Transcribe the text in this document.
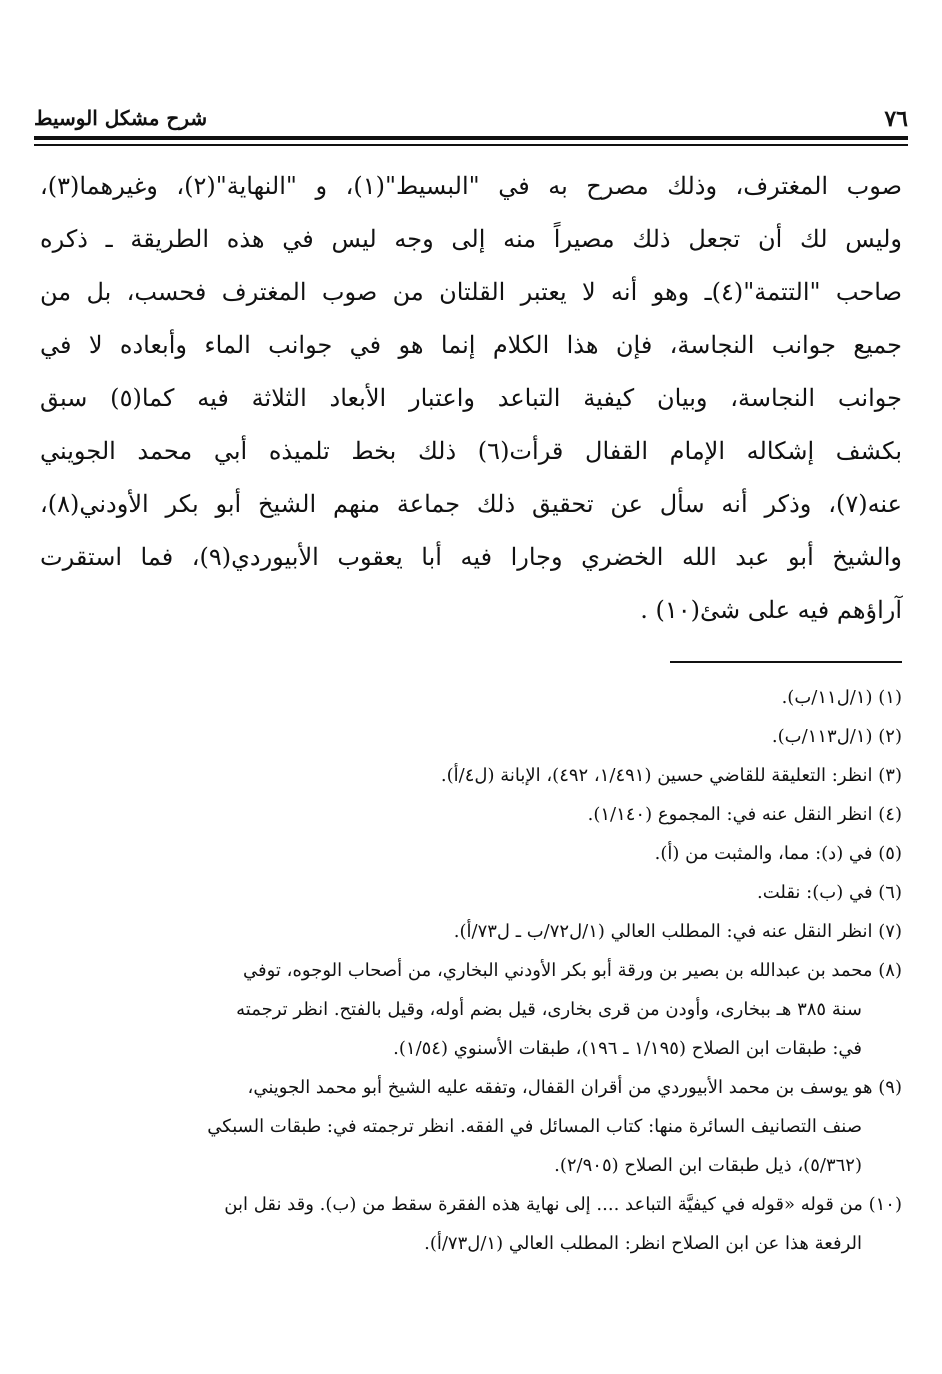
٧٦
شرح مشكل الوسيط
صوب المغترف، وذلك مصرح به في "البسيط"(١)، و "النهاية"(٢)، وغيرهما(٣)،
وليس لك أن تجعل ذلك مصيراً منه إلى وجه ليس في هذه الطريقة ـ ذكره
صاحب "التتمة"(٤)ـ وهو أنه لا يعتبر القلتان من صوب المغترف فحسب، بل من
جميع جوانب النجاسة، فإن هذا الكلام إنما هو في جوانب الماء وأبعاده لا في
جوانب النجاسة، وبيان كيفية التباعد واعتبار الأبعاد الثلاثة فيه كما(٥) سبق
بكشف إشكاله الإمام القفال قرأت(٦) ذلك بخط تلميذه أبي محمد الجويني
عنه(٧)، وذكر أنه سأل عن تحقيق ذلك جماعة منهم الشيخ أبو بكر الأودني(٨)،
والشيخ أبو عبد الله الخضري وجارا فيه أبا يعقوب الأبيوردي(٩)، فما استقرت
آراؤهم فيه على شئ(١٠) .
(١) (١/ل١١/ب).
(٢) (١/ل١١٣/ب).
(٣) انظر: التعليقة للقاضي حسين (١/٤٩١، ٤٩٢)، الإبانة (ل٤/أ).
(٤) انظر النقل عنه في: المجموع (١/١٤٠).
(٥) في (د): مما، والمثبت من (أ).
(٦) في (ب): نقلت.
(٧) انظر النقل عنه في: المطلب العالي (١/ل٧٢/ب ـ ل٧٣/أ).
(٨) محمد بن عبدالله بن بصير بن ورقة أبو بكر الأودني البخاري، من أصحاب الوجوه، توفي
سنة ٣٨٥ هـ ببخارى، وأودن من قرى بخارى، قيل بضم أوله، وقيل بالفتح. انظر ترجمته
في: طبقات ابن الصلاح (١/١٩٥ ـ ١٩٦)، طبقات الأسنوي (١/٥٤).
(٩) هو يوسف بن محمد الأبيوردي من أقران القفال، وتفقه عليه الشيخ أبو محمد الجويني،
صنف التصانيف السائرة منها: كتاب المسائل في الفقه. انظر ترجمته في: طبقات السبكي
(٥/٣٦٢)، ذيل طبقات ابن الصلاح (٢/٩٠٥).
(١٠) من قوله «قوله في كيفيَّة التباعد .... إلى نهاية هذه الفقرة سقط من (ب). وقد نقل ابن
الرفعة هذا عن ابن الصلاح انظر: المطلب العالي (١/ل٧٣/أ).
